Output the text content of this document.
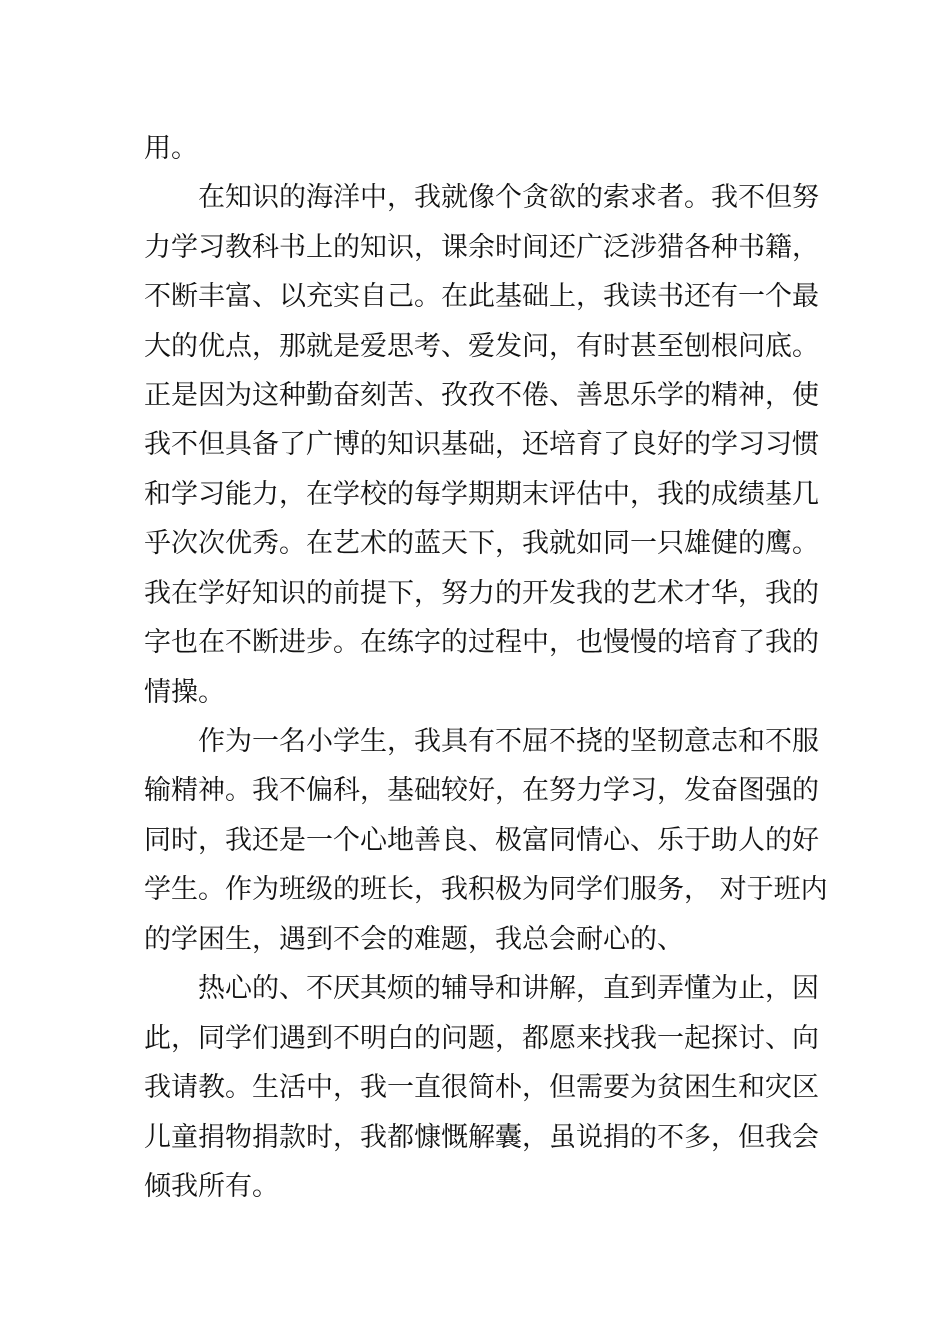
用。
在知识的海洋中，我就像个贪欲的索求者。我不但努
力学习教科书上的知识，课余时间还广泛涉猎各种书籍，
不断丰富、以充实自己。在此基础上，我读书还有一个最
大的优点，那就是爱思考、爱发问，有时甚至刨根问底。
正是因为这种勤奋刻苦、孜孜不倦、善思乐学的精神，使
我不但具备了广博的知识基础，还培育了良好的学习习惯
和学习能力，在学校的每学期期末评估中，我的成绩基几
乎次次优秀。在艺术的蓝天下，我就如同一只雄健的鹰。
我在学好知识的前提下，努力的开发我的艺术才华，我的
字也在不断进步。在练字的过程中，也慢慢的培育了我的
情操。
作为一名小学生，我具有不屈不挠的坚韧意志和不服
输精神。我不偏科，基础较好，在努力学习，发奋图强的
同时，我还是一个心地善良、极富同情心、乐于助人的好
学生。作为班级的班长，我积极为同学们服务， 对于班内
的学困生，遇到不会的难题，我总会耐心的、
热心的、不厌其烦的辅导和讲解，直到弄懂为止，因
此，同学们遇到不明白的问题，都愿来找我一起探讨、向
我请教。生活中，我一直很简朴，但需要为贫困生和灾区
儿童捐物捐款时，我都慷慨解囊，虽说捐的不多，但我会
倾我所有。
